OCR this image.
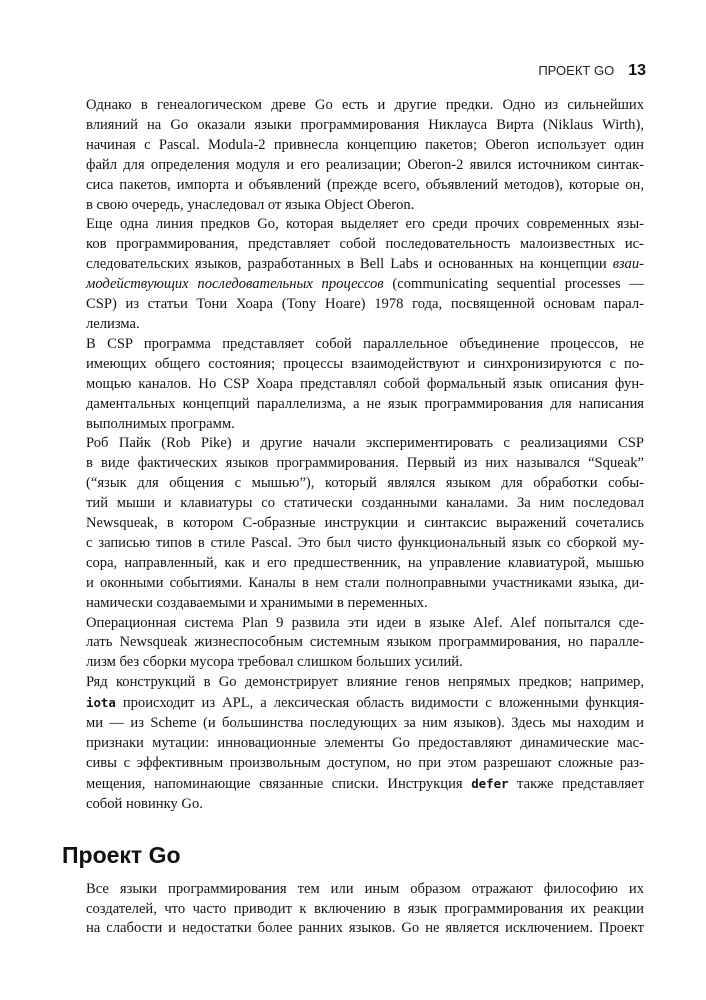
ПРОЕКТ GO 13

Однако в генеалогическом древе Go есть и другие предки. Одно из сильнейших
влияний на Go оказали языки программирования Никлауса Вирта (Niklaus Wirth),
начиная с Pascal. Modula-2 привнесла концепцию пакетов; Oberon использует один
файл для определения модуля и его реализации; Oberon-2 явился источником синтак-
сиса пакетов, импорта и объявлений (прежде всего, объявлений методов), которые он,
в свою очередь, унаследовал от языка Object Oberon.

Еще одна линия предков Go, которая выделяет его среди прочих современных язы-
ков программирования, представляет собой последовательность малоизвестных ис-
следовательских языков, разработанных в Bell Labs и основанных на концепции взаи-
модействующих последовательных процессов (communicating sequential processes —
CSP) из статьи Тони Хоара (Tony Hoare) 1978 года, посвященной основам парал-
лелизма.

В CSP программа представляет собой параллельное объединение процессов, не
имеющих общего состояния; процессы взаимодействуют и синхронизируются с по-
мощью каналов. Но CSP Хоара представлял собой формальный язык описания фун-
даментальных концепций параллелизма, а не язык программирования для написания
выполнимых программ.

Роб Пайк (Rob Pike) и другие начали экспериментировать с реализациями CSP
в виде фактических языков программирования. Первый из них назывался “Squeak”
(“язык для общения с мышью”), который являлся языком для обработки собы-
тий мыши и клавиатуры со статически созданными каналами. За ним последовал
Newsqueak, в котором С-образные инструкции и синтаксис выражений сочетались
с записью типов в стиле Pascal. Это был чисто функциональный язык со сборкой му-
сора, направленный, как и его предшественник, на управление клавиатурой, мышью
и оконными событиями. Каналы в нем стали полноправными участниками языка, ди-
намически создаваемыми и хранимыми в переменных.

Операционная система Plan 9 развила эти идеи в языке Alef. Alef попытался сде-
лать Newsqueak жизнеспособным системным языком программирования, но паралле-
лизм без сборки мусора требовал слишком больших усилий.

Ряд конструкций в Go демонстрирует влияние генов непрямых предков; например,
iota происходит из APL, а лексическая область видимости с вложенными функция-
ми — из Scheme (и большинства последующих за ним языков). Здесь мы находим и
признаки мутации: инновационные элементы Go предоставляют динамические мас-
сивы с эффективным произвольным доступом, но при этом разрешают сложные раз-
мещения, напоминающие связанные списки. Инструкция defer также представляет
собой новинку Go.

Проект Go

Все языки программирования тем или иным образом отражают философию их
создателей, что часто приводит к включению в язык программирования их реакции
на слабости и недостатки более ранних языков. Go не является исключением. Проект
